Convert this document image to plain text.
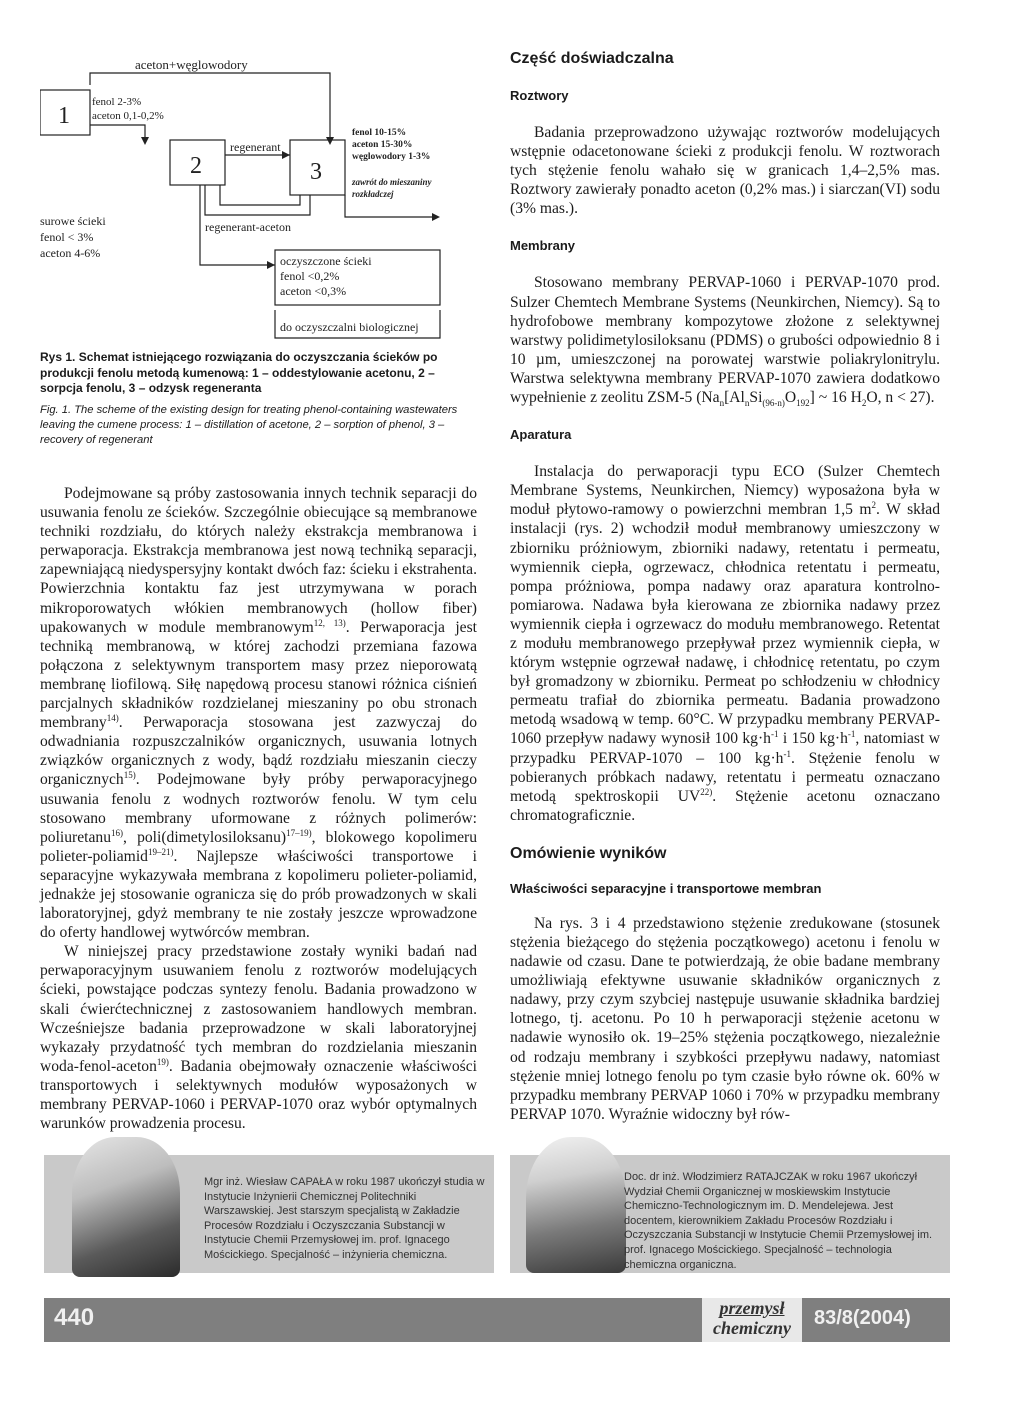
aceton+węglowodory
1
fenol 2-3%
aceton 0,1-0,2%
2
regenerant
3
fenol 10-15%
aceton 15-30%
węglowodory 1-3%
zawrót do mieszaniny
rozkładczej
surowe ścieki
fenol < 3%
aceton 4-6%
regenerant-aceton
oczyszczone ścieki
fenol <0,2%
aceton <0,3%
do oczyszczalni biologicznej
Rys 1. Schemat istniejącego rozwiązania do oczyszczania ścieków po produkcji fenolu metodą kumenową: 1 – oddestylowanie acetonu, 2 – sorpcja fenolu, 3 – odzysk regeneranta
Fig. 1. The scheme of the existing design for treating phenol-containing wastewaters leaving the cumene process: 1 – distillation of acetone, 2 – sorption of phenol, 3 – recovery of regenerant

Podejmowane są próby zastosowania innych technik separacji do usuwania fenolu ze ścieków. Szczególnie obiecujące są membranowe techniki rozdziału, do których należy ekstrakcja membranowa i perwaporacja. Ekstrakcja membranowa jest nową techniką separacji, zapewniającą niedyspersyjny kontakt dwóch faz: ścieku i ekstrahenta. Powierzchnia kontaktu faz jest utrzymywana w porach mikroporowatych włókien membranowych (hollow fiber) upakowanych w module membranowym$^{12, 13)}$. Perwaporacja jest techniką membranową, w której zachodzi przemiana fazowa połączona z selektywnym transportem masy przez nieporowatą membranę liofilową. Siłę napędową procesu stanowi różnica ciśnień parcjalnych składników rozdzielanej mieszaniny po obu stronach membrany$^{14)}$. Perwaporacja stosowana jest zazwyczaj do odwadniania rozpuszczalników organicznych, usuwania lotnych związków organicznych z wody, bądź rozdziału mieszanin cieczy organicznych$^{15)}$. Podejmowane były próby perwaporacyjnego usuwania fenolu z wodnych roztworów fenolu. W tym celu stosowano membrany uformowane z różnych polimerów: poliuretanu$^{16)}$, poli(dimetylosiloksanu)$^{17-19)}$, blokowego kopolimeru polieter-poliamid$^{19-21)}$. Najlepsze właściwości transportowe i separacyjne wykazywała membrana z kopolimeru polieter-poliamid, jednakże jej stosowanie ogranicza się do prób prowadzonych w skali laboratoryjnej, gdyż membrany te nie zostały jeszcze wprowadzone do oferty handlowej wytwórców membran.

W niniejszej pracy przedstawione zostały wyniki badań nad perwaporacyjnym usuwaniem fenolu z roztworów modelujących ścieki, powstające podczas syntezy fenolu. Badania prowadzono w skali ćwierćtechnicznej z zastosowaniem handlowych membran. Wcześniejsze badania przeprowadzone w skali laboratoryjnej wykazały przydatność tych membran do rozdzielania mieszanin woda-fenol-aceton$^{19)}$. Badania obejmowały oznaczenie właściwości transportowych i selektywnych modułów wyposażonych w membrany PERVAP-1060 i PERVAP-1070 oraz wybór optymalnych warunków prowadzenia procesu.

Część doświadczalna
Roztwory

Badania przeprowadzono używając roztworów modelujących wstępnie odacetonowane ścieki z produkcji fenolu. W roztworach tych stężenie fenolu wahało się w granicach 1,4–2,5% mas. Roztwory zawierały ponadto aceton (0,2% mas.) i siarczan(VI) sodu (3% mas.).

Membrany

Stosowano membrany PERVAP-1060 i PERVAP-1070 prod. Sulzer Chemtech Membrane Systems (Neunkirchen, Niemcy). Są to hydrofobowe membrany kompozytowe złożone z selektywnej warstwy polidimetylosiloksanu (PDMS) o grubości odpowiednio 8 i 10 µm, umieszczonej na porowatej warstwie poliakrylonitrylu. Warstwa selektywna membrany PERVAP-1070 zawiera dodatkowo wypełnienie z zeolitu ZSM-5 ($Na_n[Al_nSi_{(96-n)}O_{192}]$ ~ 16 $H_2O$, n < 27).

Aparatura

Instalacja do perwaporacji typu ECO (Sulzer Chemtech Membrane Systems, Neunkirchen, Niemcy) wyposażona była w moduł płytowo-ramowy o powierzchni membran 1,5 $m^2$. W skład instalacji (rys. 2) wchodził moduł membranowy umieszczony w zbiorniku próżniowym, zbiorniki nadawy, retentatu i permeatu, wymiennik ciepła, ogrzewacz, chłodnica retentatu i permeatu, pompa próżniowa, pompa nadawy oraz aparatura kontrolno-pomiarowa. Nadawa była kierowana ze zbiornika nadawy przez wymiennik ciepła i ogrzewacz do modułu membranowego. Retentat z modułu membranowego przepływał przez wymiennik ciepła, w którym wstępnie ogrzewał nadawę, i chłodnicę retentatu, po czym był gromadzony w zbiorniku. Permeat po schłodzeniu w chłodnicy permeatu trafiał do zbiornika permeatu. Badania prowadzono metodą wsadową w temp. 60°C. W przypadku membrany PERVAP-1060 przepływ nadawy wynosił 100 $kg\cdot h^{-1}$ i 150 $kg\cdot h^{-1}$, natomiast w przypadku PERVAP-1070 – 100 $kg\cdot h^{-1}$. Stężenie fenolu w pobieranych próbkach nadawy, retentatu i permeatu oznaczano metodą spektroskopii UV$^{22)}$. Stężenie acetonu oznaczano chromatograficznie.

Omówienie wyników
Właściwości separacyjne i transportowe membran

Na rys. 3 i 4 przedstawiono stężenie zredukowane (stosunek stężenia bieżącego do stężenia początkowego) acetonu i fenolu w nadawie od czasu. Dane te potwierdzają, że obie badane membrany umożliwiają efektywne usuwanie składników organicznych z nadawy, przy czym szybciej następuje usuwanie składnika bardziej lotnego, tj. acetonu. Po 10 h perwaporacji stężenie acetonu w nadawie wynosiło ok. 19–25% stężenia początkowego, niezależnie od rodzaju membrany i szybkości przepływu nadawy, natomiast stężenie mniej lotnego fenolu po tym czasie było równe ok. 60% w przypadku membrany PERVAP 1060 i 70% w przypadku membrany PERVAP 1070. Wyraźnie widoczny był rów-

Mgr inż. Wiesław CAPAŁA w roku 1987 ukończył studia w Instytucie Inżynierii Chemicznej Politechniki Warszawskiej. Jest starszym specjalistą w Zakładzie Procesów Rozdziału i Oczyszczania Substancji w Instytucie Chemii Przemysłowej im. prof. Ignacego Mościckiego. Specjalność – inżynieria chemiczna.
Doc. dr inż. Włodzimierz RATAJCZAK w roku 1967 ukończył Wydział Chemii Organicznej w moskiewskim Instytucie Chemiczno-Technologicznym im. D. Mendelejewa. Jest docentem, kierownikiem Zakładu Procesów Rozdziału i Oczyszczania Substancji w Instytucie Chemii Przemysłowej im. prof. Ignacego Mościckiego. Specjalność – technologia chemiczna organiczna.
440	przemysł
chemiczny	83/8(2004)
